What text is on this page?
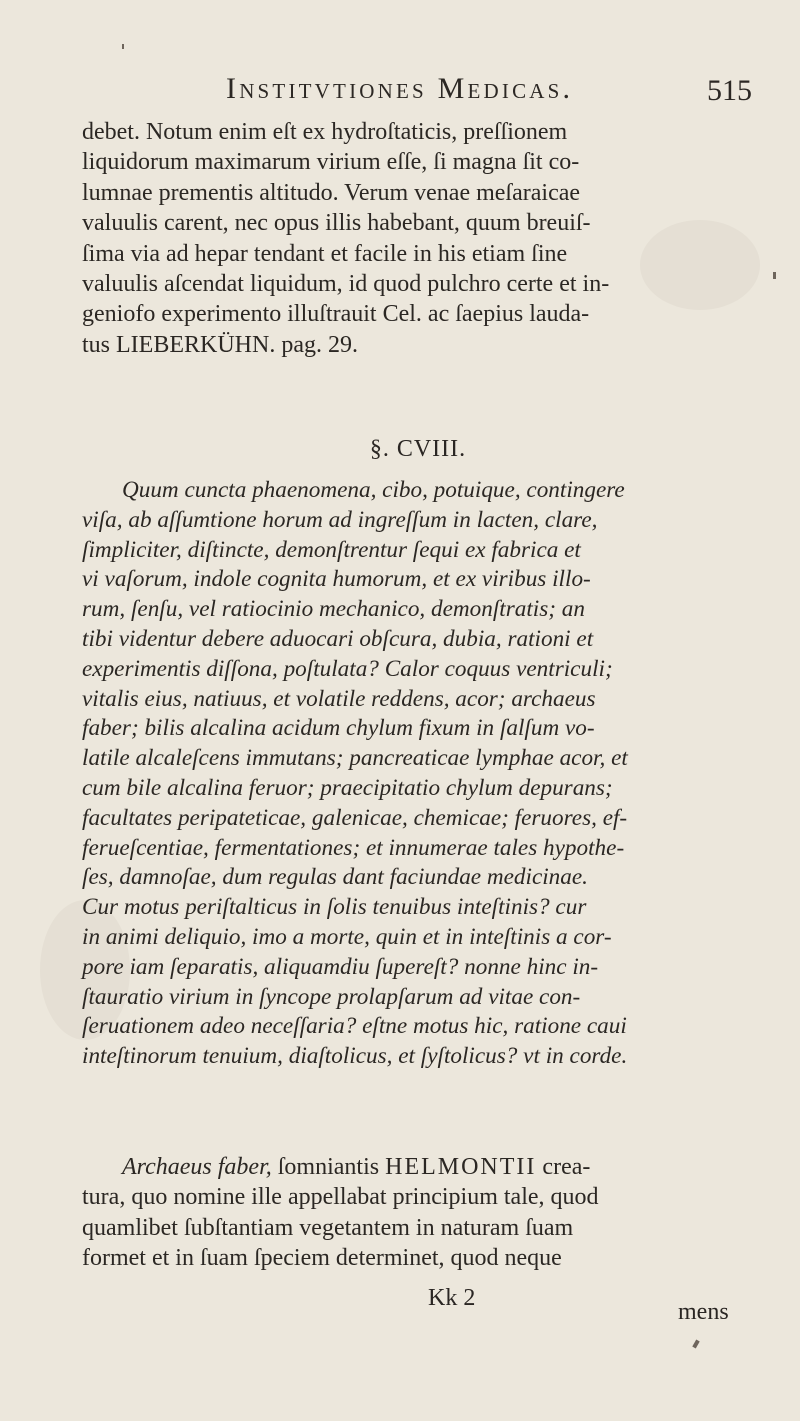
Institvtiones Medicas.	515
debet. Notum enim eſt ex hydroſtaticis, preſſionem
liquidorum maximarum virium eſſe, ſi magna ſit co-
lumnae prementis altitudo. Verum venae meſaraicae
valuulis carent, nec opus illis habebant, quum breuiſ-
ſima via ad hepar tendant et facile in his etiam ſine
valuulis aſcendat liquidum, id quod pulchro certe et in-
geniofo experimento illuſtrauit Cel. ac ſaepius lauda-
tus LIEBERKÜHN. pag. 29.
§. CVIII.
Quum cuncta phaenomena, cibo, potuique, contingere
viſa, ab aſſumtione horum ad ingreſſum in lacten, clare,
ſimpliciter, diſtincte, demonſtrentur ſequi ex fabrica et
vi vaſorum, indole cognita humorum, et ex viribus illo-
rum, ſenſu, vel ratiocinio mechanico, demonſtratis; an
tibi videntur debere aduocari obſcura, dubia, rationi et
experimentis diſſona, poſtulata? Calor coquus ventriculi;
vitalis eius, natiuus, et volatile reddens, acor; archaeus
faber; bilis alcalina acidum chylum fixum in ſalſum vo-
latile alcaleſcens immutans; pancreaticae lymphae acor, et
cum bile alcalina feruor; praecipitatio chylum depurans;
facultates peripateticae, galenicae, chemicae; feruores, ef-
ferueſcentiae, fermentationes; et innumerae tales hypothe-
ſes, damnoſae, dum regulas dant faciundae medicinae.
Cur motus periſtalticus in ſolis tenuibus inteſtinis? cur
in animi deliquio, imo a morte, quin et in inteſtinis a cor-
pore iam ſeparatis, aliquamdiu ſupereſt? nonne hinc in-
ſtauratio virium in ſyncope prolapſarum ad vitae con-
ſeruationem adeo neceſſaria? eſtne motus hic, ratione caui
inteſtinorum tenuium, diaſtolicus, et ſyſtolicus? vt in corde.
Archaeus faber, ſomniantis HELMONTII crea-
tura, quo nomine ille appellabat principium tale, quod
quamlibet ſubſtantiam vegetantem in naturam ſuam
formet et in ſuam ſpeciem determinet, quod neque
Kk 2
mens
